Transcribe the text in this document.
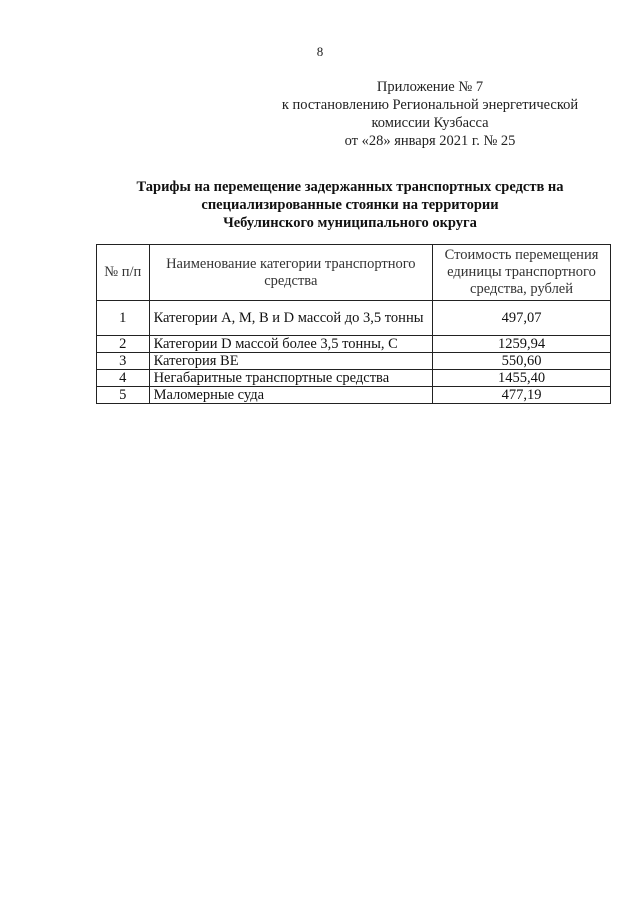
8
Приложение № 7
к постановлению Региональной энергетической
комиссии Кузбасса
от «28» января 2021 г. № 25
Тарифы на перемещение задержанных транспортных средств на
специализированные стоянки на территории
Чебулинского муниципального округа
№ п/п	Наименование категории транспортного средства	Стоимость перемещения единицы транспортного средства, рублей
1	Категории А, М, В и D массой до 3,5 тонны	497,07
2	Категории D массой более 3,5 тонны, С	1259,94
3	Категория ВЕ	550,60
4	Негабаритные транспортные средства	1455,40
5	Маломерные суда	477,19
